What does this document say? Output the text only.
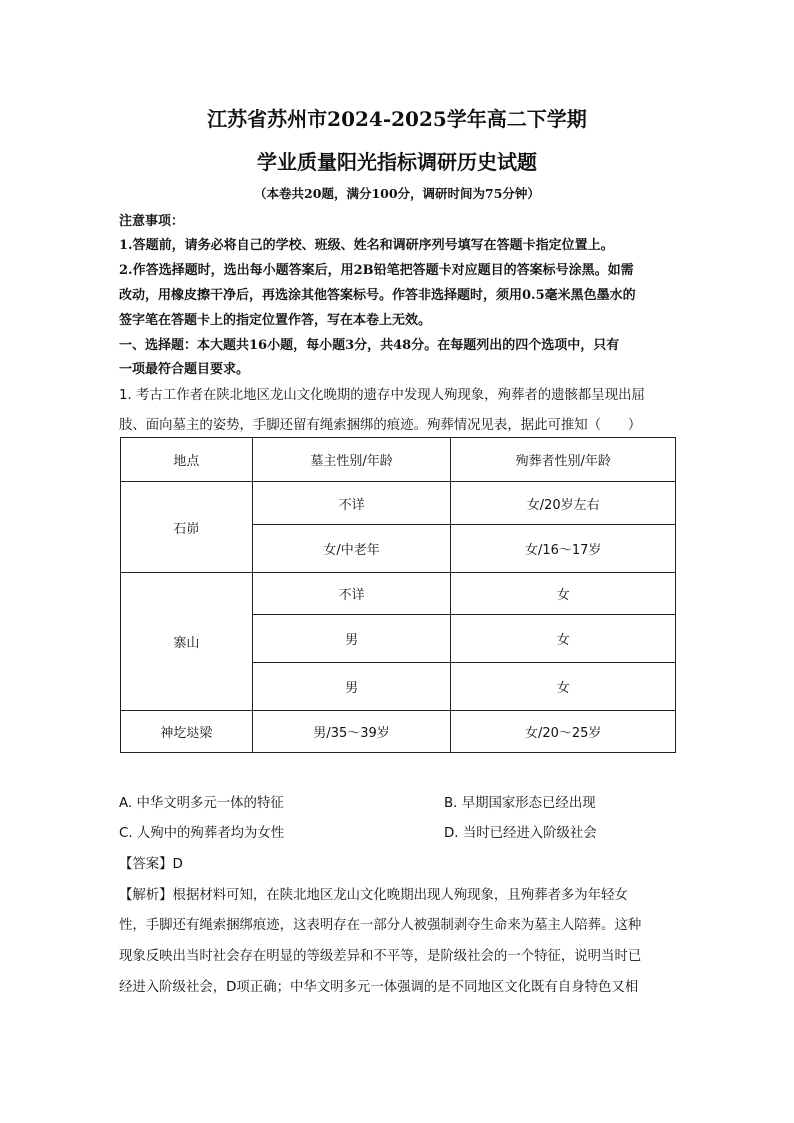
江苏省苏州市2024-2025学年高二下学期
学业质量阳光指标调研历史试题
（本卷共20题，满分100分，调研时间为75分钟）
注意事项：
1.答题前，请务必将自己的学校、班级、姓名和调研序列号填写在答题卡指定位置上。
2.作答选择题时，选出每小题答案后，用2B铅笔把答题卡对应题目的答案标号涂黑。如需
改动，用橡皮擦干净后，再选涂其他答案标号。作答非选择题时，须用0.5毫米黑色墨水的
签字笔在答题卡上的指定位置作答，写在本卷上无效。
一、选择题：本大题共16小题，每小题3分，共48分。在每题列出的四个选项中，只有
一项最符合题目要求。
1. 考古工作者在陕北地区龙山文化晚期的遗存中发现人殉现象，殉葬者的遗骸都呈现出屈
肢、面向墓主的姿势，手脚还留有绳索捆绑的痕迹。殉葬情况见表，据此可推知（　　）
地点	墓主性别/年龄	殉葬者性别/年龄
石峁	不详	女/20岁左右
	女/中老年	女/16～17岁
寨山	不详	女
	男	女
	男	女
神圪垯梁	男/35～39岁	女/20～25岁
A. 中华文明多元一体的特征	B. 早期国家形态已经出现
C. 人殉中的殉葬者均为女性	D. 当时已经进入阶级社会
【答案】D
【解析】根据材料可知，在陕北地区龙山文化晚期出现人殉现象，且殉葬者多为年轻女
性，手脚还有绳索捆绑痕迹，这表明存在一部分人被强制剥夺生命来为墓主人陪葬。这种
现象反映出当时社会存在明显的等级差异和不平等，是阶级社会的一个特征，说明当时已
经进入阶级社会，D项正确；中华文明多元一体强调的是不同地区文化既有自身特色又相
